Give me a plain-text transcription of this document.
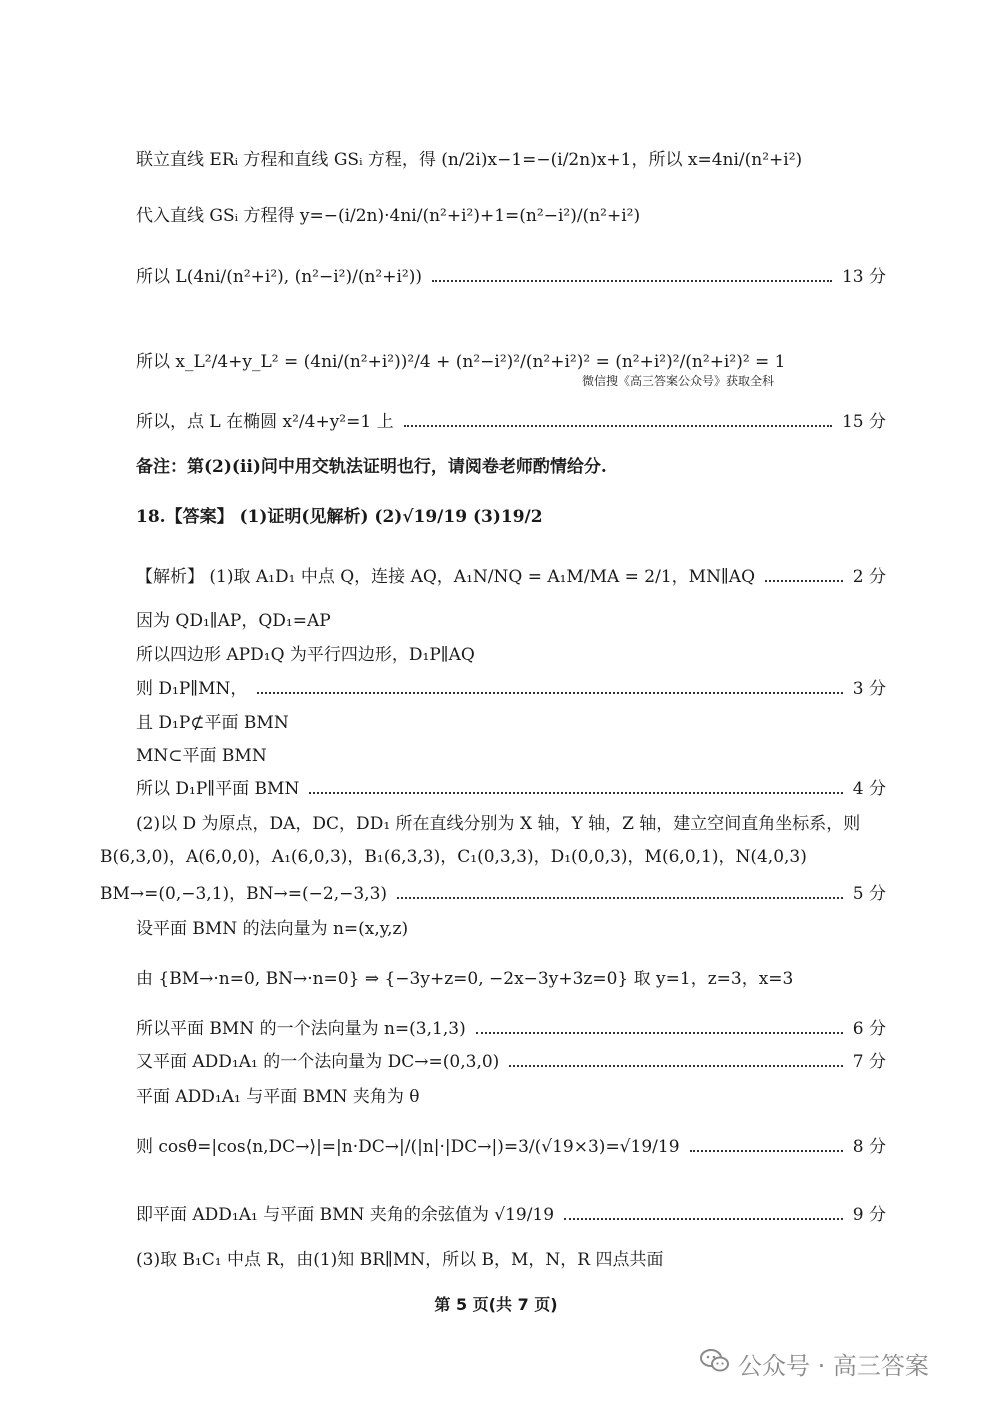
联立直线 ERᵢ 方程和直线 GSᵢ 方程，得 (n/2i)x−1=−(i/2n)x+1，所以 x=4ni/(n²+i²)
代入直线 GSᵢ 方程得 y=−(i/2n)·4ni/(n²+i²)+1=(n²−i²)/(n²+i²)
所以 L(4ni/(n²+i²), (n²−i²)/(n²+i²))	13 分
所以 x_L²/4+y_L² = (4ni/(n²+i²))²/4 + (n²−i²)²/(n²+i²)² = (n²+i²)²/(n²+i²)² = 1
微信搜《高三答案公众号》获取全科
所以，点 L 在椭圆 x²/4+y²=1 上	15 分
备注：第(2)(ⅱ)问中用交轨法证明也行，请阅卷老师酌情给分.
18.【答案】 (1)证明(见解析) (2)√19/19 (3)19/2
【解析】 (1)取 A₁D₁ 中点 Q，连接 AQ，A₁N/NQ = A₁M/MA = 2/1，MN∥AQ	2 分
因为 QD₁∥AP，QD₁=AP
所以四边形 APD₁Q 为平行四边形，D₁P∥AQ
则 D₁P∥MN，	3 分
且 D₁P⊄平面 BMN
MN⊂平面 BMN
所以 D₁P∥平面 BMN	4 分
(2)以 D 为原点，DA，DC，DD₁ 所在直线分别为 X 轴，Y 轴，Z 轴，建立空间直角坐标系，则
B(6,3,0)，A(6,0,0)，A₁(6,0,3)，B₁(6,3,3)，C₁(0,3,3)，D₁(0,0,3)，M(6,0,1)，N(4,0,3)
BM→=(0,−3,1)，BN→=(−2,−3,3)	5 分
设平面 BMN 的法向量为 n=(x,y,z)
由 {BM→·n=0, BN→·n=0} ⇒ {−3y+z=0, −2x−3y+3z=0} 取 y=1，z=3，x=3
所以平面 BMN 的一个法向量为 n=(3,1,3)	6 分
又平面 ADD₁A₁ 的一个法向量为 DC→=(0,3,0)	7 分
平面 ADD₁A₁ 与平面 BMN 夹角为 θ
则 cosθ=|cos⟨n,DC→⟩|=|n·DC→|/(|n|·|DC→|)=3/(√19×3)=√19/19	8 分
即平面 ADD₁A₁ 与平面 BMN 夹角的余弦值为 √19/19	9 分
(3)取 B₁C₁ 中点 R，由(1)知 BR∥MN，所以 B，M，N，R 四点共面
第 5 页(共 7 页)
公众号 · 高三答案
